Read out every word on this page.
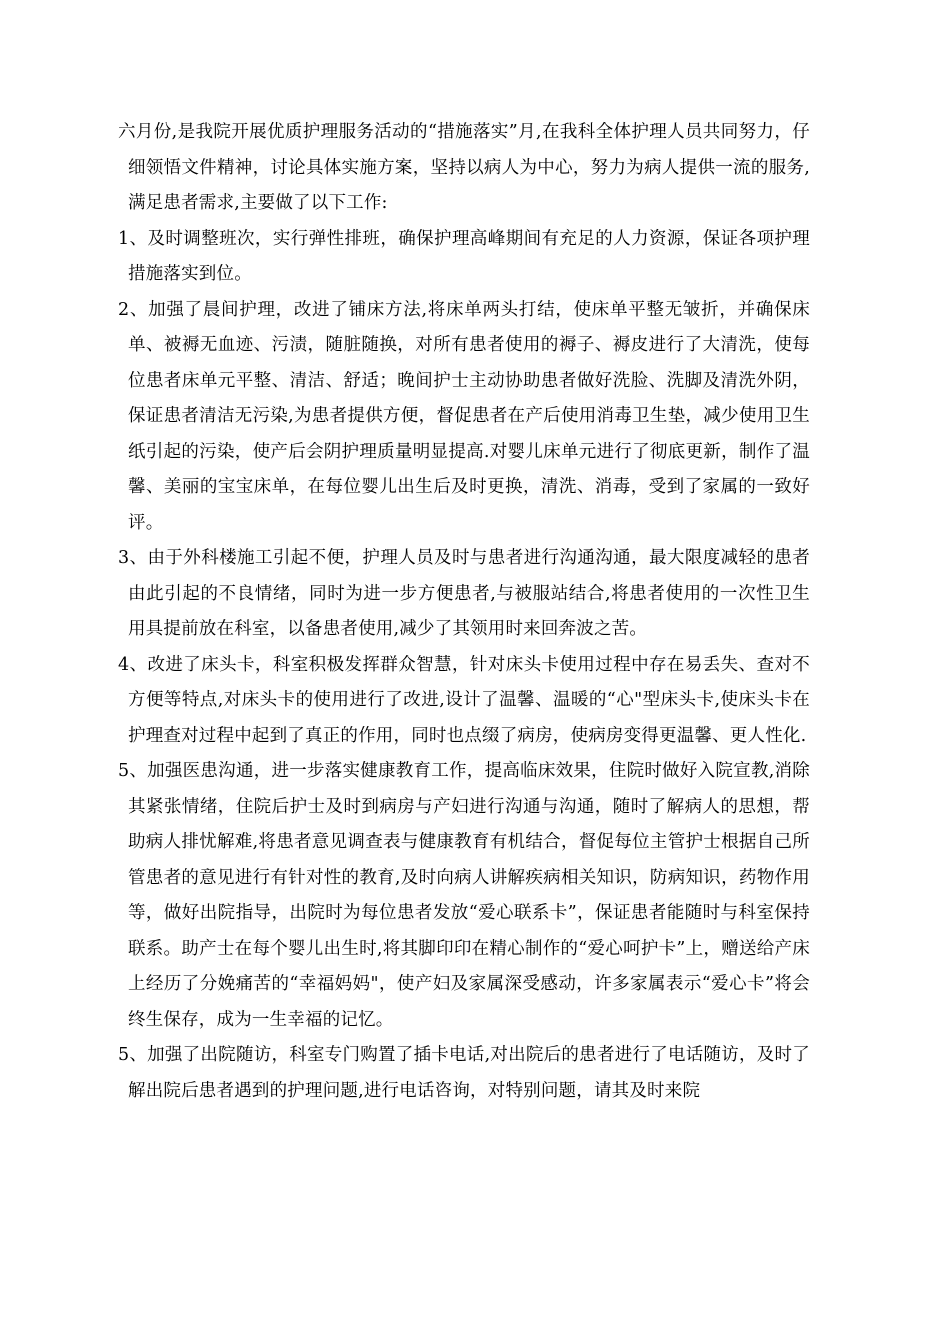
六月份,是我院开展优质护理服务活动的“措施落实”月,在我科全体护理人员共同努力，仔细领悟文件精神，讨论具体实施方案，坚持以病人为中心，努力为病人提供一流的服务,满足患者需求,主要做了以下工作:

1、及时调整班次，实行弹性排班，确保护理高峰期间有充足的人力资源，保证各项护理措施落实到位。

2、加强了晨间护理，改进了铺床方法,将床单两头打结，使床单平整无皱折，并确保床单、被褥无血迹、污渍，随脏随换，对所有患者使用的褥子、褥皮进行了大清洗，使每位患者床单元平整、清洁、舒适；晚间护士主动协助患者做好洗脸、洗脚及清洗外阴，保证患者清洁无污染,为患者提供方便，督促患者在产后使用消毒卫生垫，减少使用卫生纸引起的污染，使产后会阴护理质量明显提高.对婴儿床单元进行了彻底更新，制作了温馨、美丽的宝宝床单，在每位婴儿出生后及时更换，清洗、消毒，受到了家属的一致好评。

3、由于外科楼施工引起不便，护理人员及时与患者进行沟通沟通，最大限度减轻的患者由此引起的不良情绪，同时为进一步方便患者,与被服站结合,将患者使用的一次性卫生用具提前放在科室，以备患者使用,减少了其领用时来回奔波之苦。

4、改进了床头卡，科室积极发挥群众智慧，针对床头卡使用过程中存在易丢失、查对不方便等特点,对床头卡的使用进行了改进,设计了温馨、温暖的“心"型床头卡,使床头卡在护理查对过程中起到了真正的作用，同时也点缀了病房，使病房变得更温馨、更人性化.

5、加强医患沟通，进一步落实健康教育工作，提高临床效果，住院时做好入院宣教,消除其紧张情绪，住院后护士及时到病房与产妇进行沟通与沟通，随时了解病人的思想，帮助病人排忧解难,将患者意见调查表与健康教育有机结合，督促每位主管护士根据自己所管患者的意见进行有针对性的教育,及时向病人讲解疾病相关知识，防病知识，药物作用等，做好出院指导，出院时为每位患者发放“爱心联系卡”，保证患者能随时与科室保持联系。助产士在每个婴儿出生时,将其脚印印在精心制作的“爱心呵护卡”上，赠送给产床上经历了分娩痛苦的“幸福妈妈"，使产妇及家属深受感动，许多家属表示“爱心卡”将会终生保存，成为一生幸福的记忆。

5、加强了出院随访，科室专门购置了插卡电话,对出院后的患者进行了电话随访，及时了解出院后患者遇到的护理问题,进行电话咨询，对特别问题，请其及时来院
